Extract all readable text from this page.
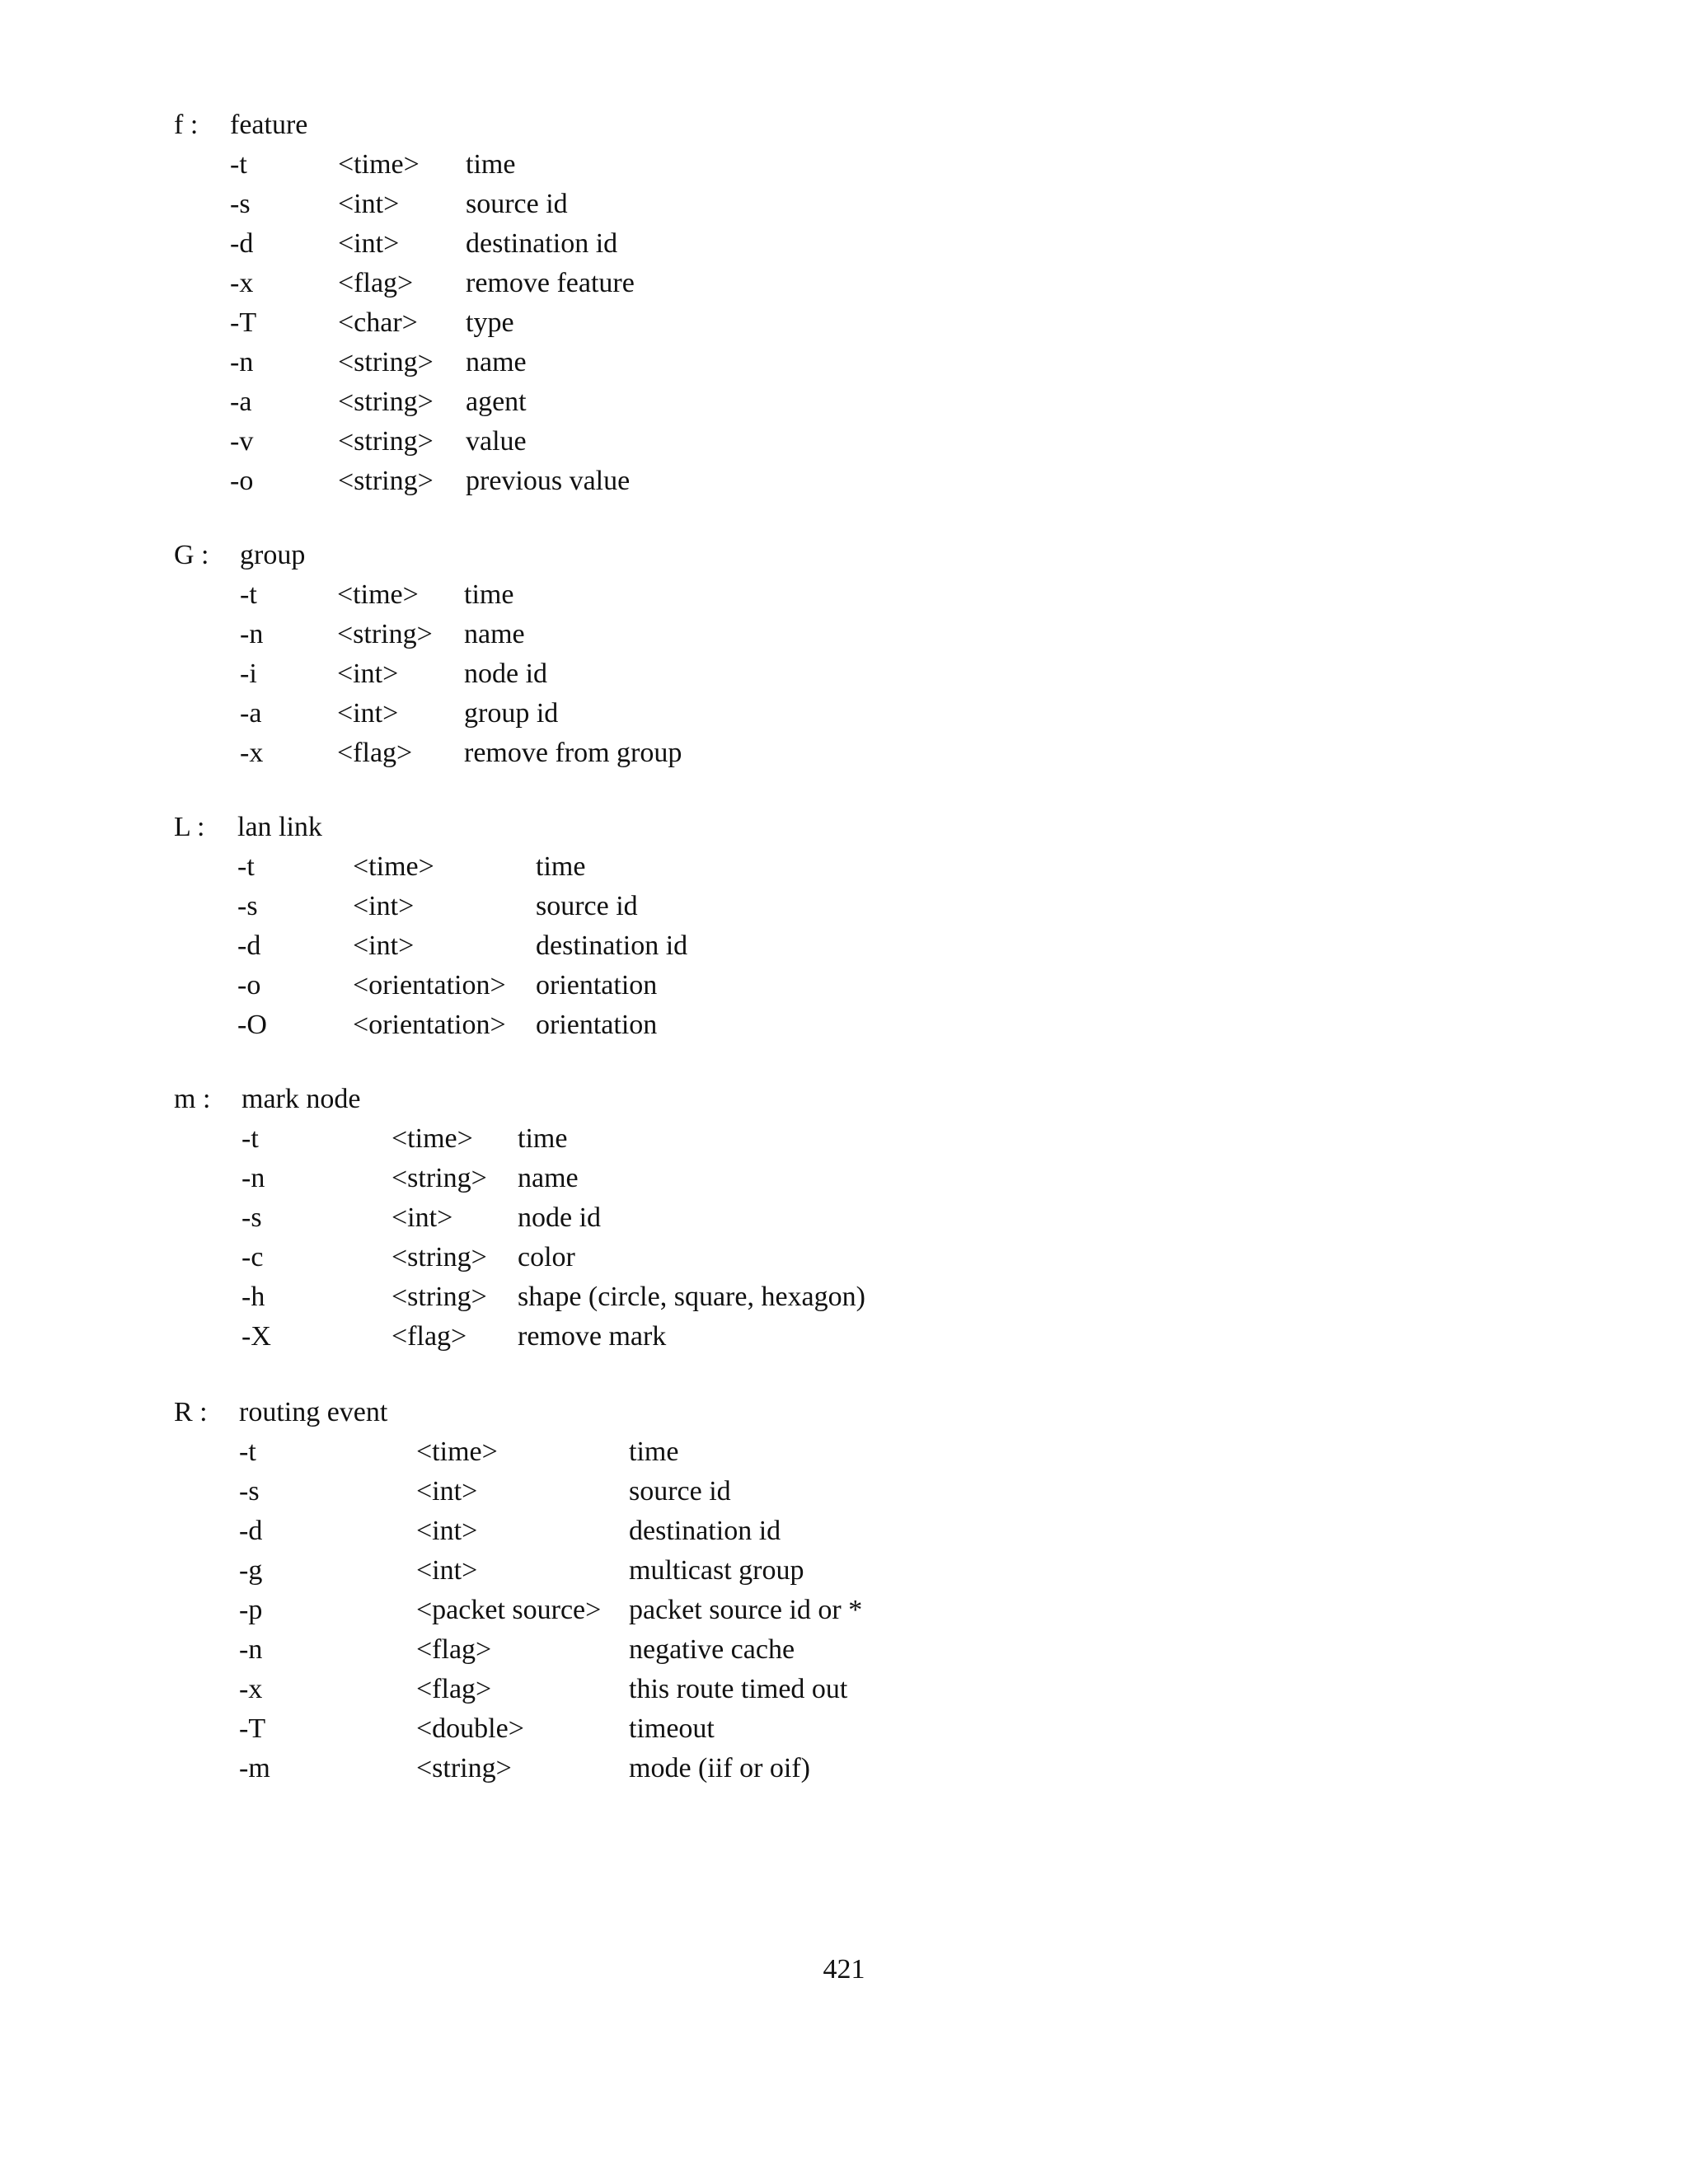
f : feature
-t	<time> time
-s	<int> source id
-d	<int> destination id
-x	<flag> remove feature
-T	<char> type
-n	<string> name
-a	<string> agent
-v	<string> value
-o	<string> previous value
G : group
-t	<time> time
-n	<string> name
-i	<int> node id
-a	<int> group id
-x	<flag> remove from group
L : lan link
-t	<time>	time
-s	<int>	source id
-d	<int>	destination id
-o	<orientation> orientation
-O	<orientation> orientation
m : mark node
-t	<time> time
-n	<string> name
-s	<int> node id
-c	<string> color
-h	<string> shape (circle, square, hexagon)
-X	<flag> remove mark
R : routing event
-t	<time>	time
-s	<int>	source id
-d	<int>	destination id
-g	<int>	multicast group
-p	<packet source> packet source id or *
-n	<flag>	negative cache
-x	<flag>	this route timed out
-T	<double>	timeout
-m	<string>	mode (iif or oif)
421
